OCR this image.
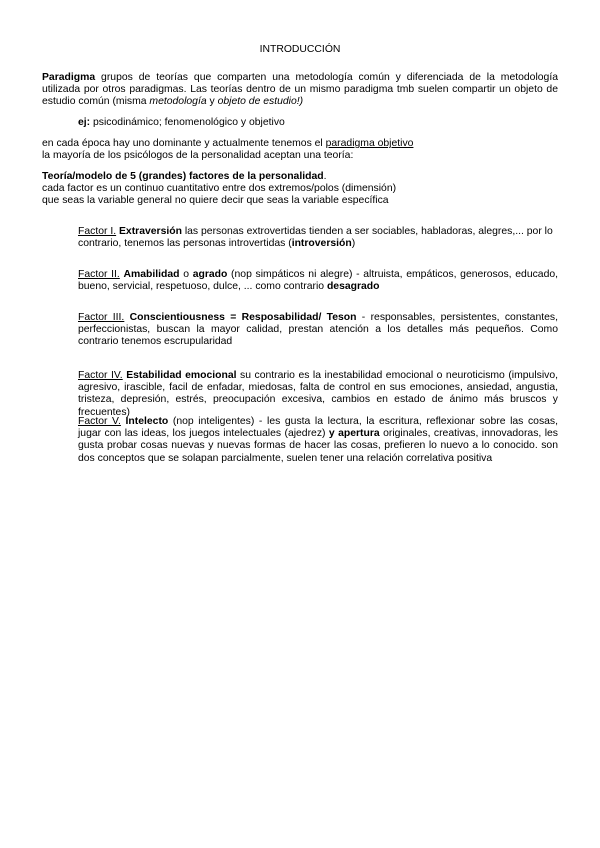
INTRODUCCIÓN

Paradigma grupos de teorías que comparten una metodología común y diferenciada de la metodología utilizada por otros paradigmas. Las teorías dentro de un mismo paradigma tmb suelen compartir un objeto de estudio común (misma metodología y objeto de estudio!)

ej: psicodinámico; fenomenológico y objetivo

en cada época hay uno dominante y actualmente tenemos el paradigma objetivo
la mayoría de los psicólogos de la personalidad aceptan una teoría:

Teoría/modelo de 5 (grandes) factores de la personalidad.
cada factor es un continuo cuantitativo entre dos extremos/polos (dimensión)
que seas la variable general no quiere decir que seas la variable específica

Factor I. Extraversión las personas extrovertidas tienden a ser sociables, habladoras, alegres,... por lo contrario, tenemos las personas introvertidas (introversión)

Factor II. Amabilidad o agrado (nop simpáticos ni alegre) - altruista, empáticos, generosos, educado, bueno, servicial, respetuoso, dulce, ... como contrario desagrado

Factor III. Conscientiousness = Resposabilidad/ Teson - responsables, persistentes, constantes, perfeccionistas, buscan la mayor calidad, prestan atención a los detalles más pequeños. Como contrario tenemos escrupularidad

Factor IV. Estabilidad emocional su contrario es la inestabilidad emocional o neuroticismo (impulsivo, agresivo, irascible, facil de enfadar, miedosas, falta de control en sus emociones, ansiedad, angustia, tristeza, depresión, estrés, preocupación excesiva, cambios en estado de ánimo más bruscos y frecuentes)

Factor V. Intelecto (nop inteligentes) - les gusta la lectura, la escritura, reflexionar sobre las cosas, jugar con las ideas, los juegos intelectuales (ajedrez) y apertura originales, creativas, innovadoras, les gusta probar cosas nuevas y nuevas formas de hacer las cosas, prefieren lo nuevo a lo conocido. son dos conceptos que se solapan parcialmente, suelen tener una relación correlativa positiva
